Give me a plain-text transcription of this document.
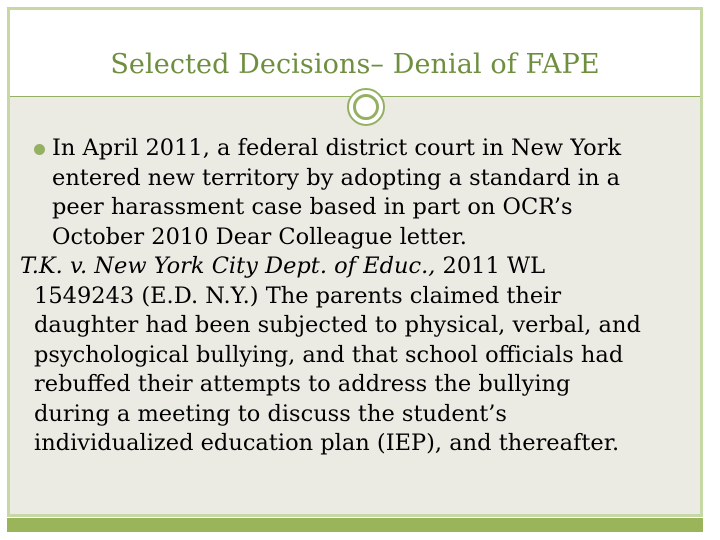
Selected Decisions– Denial of FAPE
In April 2011, a federal district court in New York
entered new territory by adopting a standard in a
peer harassment case based in part on OCR’s
October 2010 Dear Colleague letter.
T.K. v. New York City Dept. of Educ., 2011 WL
1549243 (E.D. N.Y.) The parents claimed their
daughter had been subjected to physical, verbal, and
psychological bullying, and that school officials had
rebuffed their attempts to address the bullying
during a meeting to discuss the student’s
individualized education plan (IEP), and thereafter.
